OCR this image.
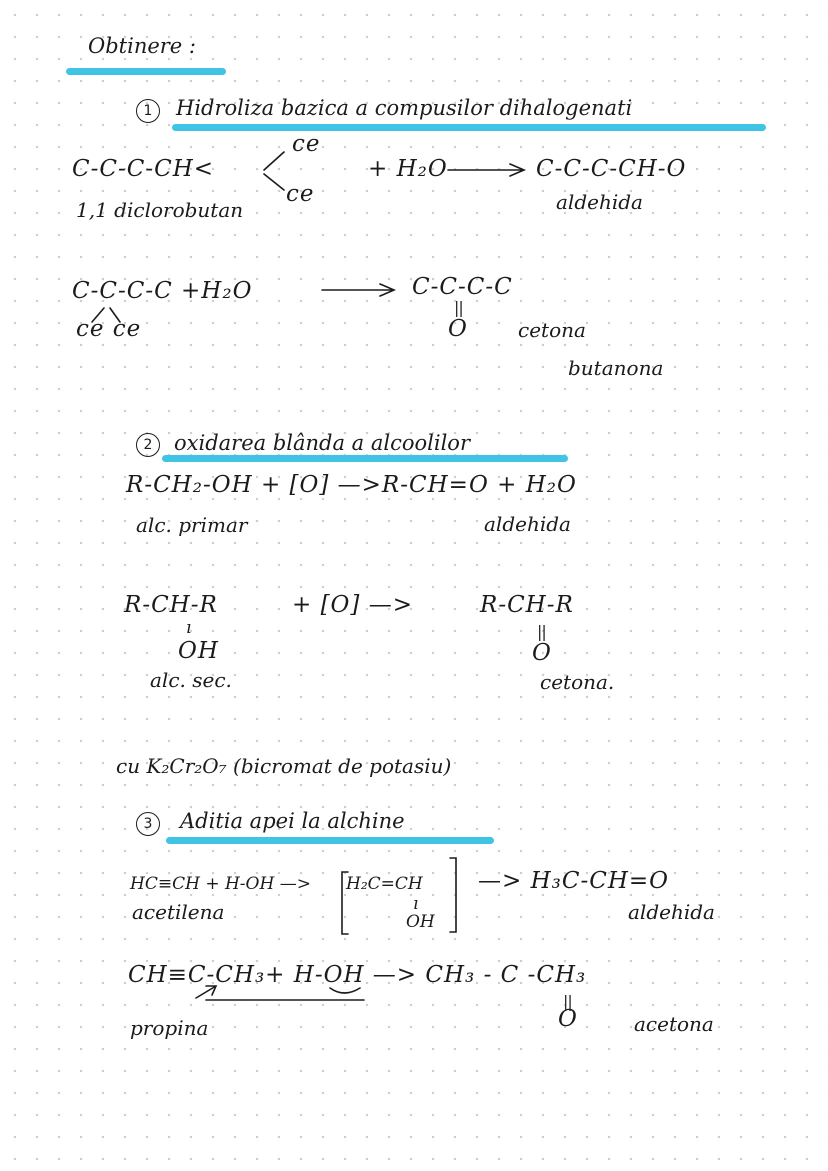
Obtinere :
1	Hidroliza bazica a compusilor dihalogenati
C-C-C-CH<
ce
ce
+ H₂O	C-C-C-CH-O
1,1 diclorobutan	aldehida
C-C-C-C +H₂O
ce ce
C-C-C-C
||
O	cetona
butanona
2	oxidarea blânda a alcoolilor
R-CH₂-OH + [O] —>R-CH=O + H₂O
alc. primar	aldehida
R-CH-R	+ [O] —>	R-CH-R
ı
OH
||
O
alc. sec.	cetona.
cu K₂Cr₂O₇ (bicromat de potasiu)
3	Aditia apei la alchine
HC≡CH + H-OH —> H₂C=CH
ı
OH
—> H₃C-CH=O
acetilena	aldehida
CH≡C-CH₃+ H-OH —> CH₃ - C -CH₃
||
O
propina	acetona
